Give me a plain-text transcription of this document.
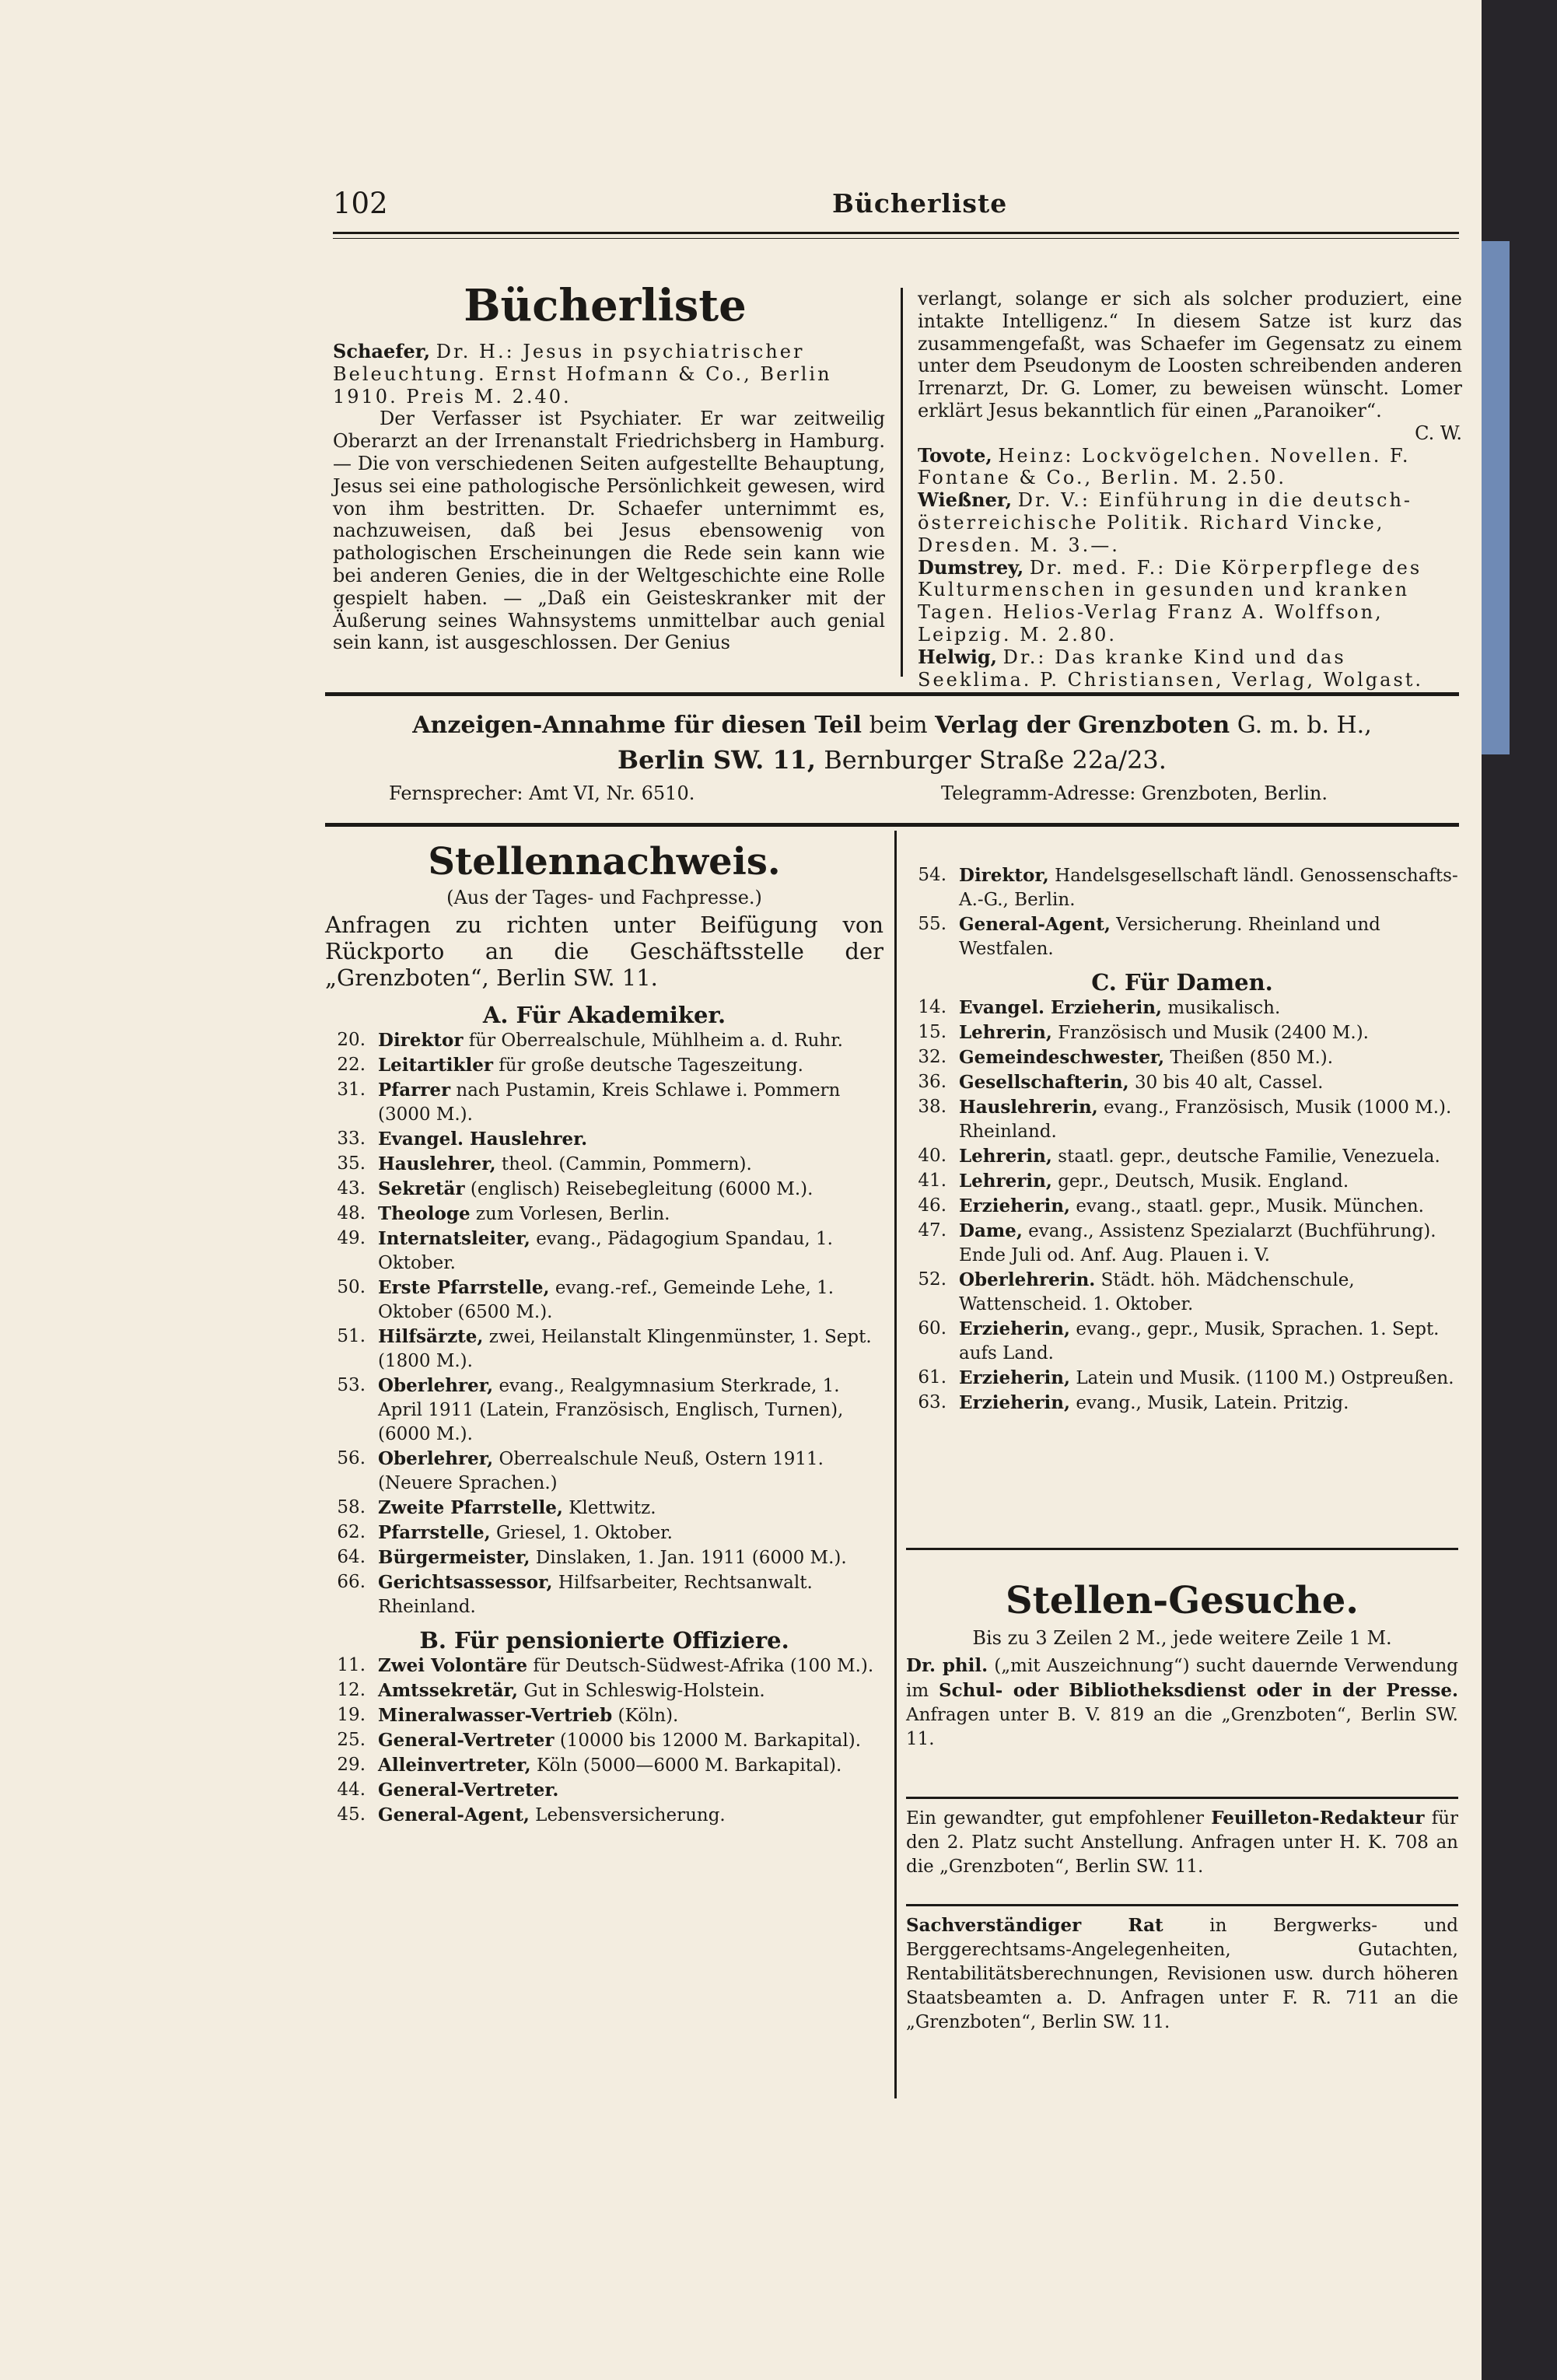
102	Bücherliste
Bücherliste

Schaefer, Dr. H.: Jesus in psychiatrischer Beleuchtung. Ernst Hofmann & Co., Berlin 1910. Preis M. 2.40.

Der Verfasser ist Psychiater. Er war zeitweilig Oberarzt an der Irrenanstalt Friedrichsberg in Hamburg. — Die von verschiedenen Seiten aufgestellte Behauptung, Jesus sei eine pathologische Persönlichkeit gewesen, wird von ihm bestritten. Dr. Schaefer unternimmt es, nachzuweisen, daß bei Jesus ebensowenig von pathologischen Erscheinungen die Rede sein kann wie bei anderen Genies, die in der Weltgeschichte eine Rolle gespielt haben. — „Daß ein Geisteskranker mit der Äußerung seines Wahnsystems unmittelbar auch genial sein kann, ist ausgeschlossen. Der Genius

verlangt, solange er sich als solcher produziert, eine intakte Intelligenz.“ In diesem Satze ist kurz das zusammengefaßt, was Schaefer im Gegensatz zu einem unter dem Pseudonym de Loosten schreibenden anderen Irrenarzt, Dr. G. Lomer, zu beweisen wünscht. Lomer erklärt Jesus bekanntlich für einen „Paranoiker“.

C. W.

Tovote, Heinz: Lockvögelchen. Novellen. F. Fontane & Co., Berlin. M. 2.50.

Wießner, Dr. V.: Einführung in die deutsch-österreichische Politik. Richard Vincke, Dresden. M. 3.—.

Dumstrey, Dr. med. F.: Die Körperpflege des Kulturmenschen in gesunden und kranken Tagen. Helios-Verlag Franz A. Wolffson, Leipzig. M. 2.80.

Helwig, Dr.: Das kranke Kind und das Seeklima. P. Christiansen, Verlag, Wolgast.

Anzeigen-Annahme für diesen Teil beim Verlag der Grenzboten G. m. b. H.,
Berlin SW. 11, Bernburger Straße 22a/23.
Fernsprecher: Amt VI, Nr. 6510.	Telegramm-Adresse: Grenzboten, Berlin.
Stellennachweis.
(Aus der Tages- und Fachpresse.)
Anfragen zu richten unter Beifügung von Rückporto an die Geschäftsstelle der „Grenzboten“, Berlin SW. 11.
A. Für Akademiker.
20. Direktor für Oberrealschule, Mühlheim a. d. Ruhr.
22. Leitartikler für große deutsche Tageszeitung.
31. Pfarrer nach Pustamin, Kreis Schlawe i. Pommern (3000 M.).
33. Evangel. Hauslehrer.
35. Hauslehrer, theol. (Cammin, Pommern).
43. Sekretär (englisch) Reisebegleitung (6000 M.).
48. Theologe zum Vorlesen, Berlin.
49. Internatsleiter, evang., Pädagogium Spandau, 1. Oktober.
50. Erste Pfarrstelle, evang.-ref., Gemeinde Lehe, 1. Oktober (6500 M.).
51. Hilfsärzte, zwei, Heilanstalt Klingenmünster, 1. Sept. (1800 M.).
53. Oberlehrer, evang., Realgymnasium Sterkrade, 1. April 1911 (Latein, Französisch, Englisch, Turnen), (6000 M.).
56. Oberlehrer, Oberrealschule Neuß, Ostern 1911. (Neuere Sprachen.)
58. Zweite Pfarrstelle, Klettwitz.
62. Pfarrstelle, Griesel, 1. Oktober.
64. Bürgermeister, Dinslaken, 1. Jan. 1911 (6000 M.).
66. Gerichtsassessor, Hilfsarbeiter, Rechtsanwalt. Rheinland.
B. Für pensionierte Offiziere.
11. Zwei Volontäre für Deutsch-Südwest-Afrika (100 M.).
12. Amtssekretär, Gut in Schleswig-Holstein.
19. Mineralwasser-Vertrieb (Köln).
25. General-Vertreter (10000 bis 12000 M. Barkapital).
29. Alleinvertreter, Köln (5000—6000 M. Barkapital).
44. General-Vertreter.
45. General-Agent, Lebensversicherung.
54. Direktor, Handelsgesellschaft ländl. Genossenschafts-A.-G., Berlin.
55. General-Agent, Versicherung. Rheinland und Westfalen.
C. Für Damen.
14. Evangel. Erzieherin, musikalisch.
15. Lehrerin, Französisch und Musik (2400 M.).
32. Gemeindeschwester, Theißen (850 M.).
36. Gesellschafterin, 30 bis 40 alt, Cassel.
38. Hauslehrerin, evang., Französisch, Musik (1000 M.). Rheinland.
40. Lehrerin, staatl. gepr., deutsche Familie, Venezuela.
41. Lehrerin, gepr., Deutsch, Musik. England.
46. Erzieherin, evang., staatl. gepr., Musik. München.
47. Dame, evang., Assistenz Spezialarzt (Buchführung). Ende Juli od. Anf. Aug. Plauen i. V.
52. Oberlehrerin. Städt. höh. Mädchenschule, Wattenscheid. 1. Oktober.
60. Erzieherin, evang., gepr., Musik, Sprachen. 1. Sept. aufs Land.
61. Erzieherin, Latein und Musik. (1100 M.) Ostpreußen.
63. Erzieherin, evang., Musik, Latein. Pritzig.
Stellen-Gesuche.
Bis zu 3 Zeilen 2 M., jede weitere Zeile 1 M.
Dr. phil. („mit Auszeichnung“) sucht dauernde Verwendung im Schul- oder Bibliotheksdienst oder in der Presse. Anfragen unter B. V. 819 an die „Grenzboten“, Berlin SW. 11.
Ein gewandter, gut empfohlener Feuilleton-Redakteur für den 2. Platz sucht Anstellung. Anfragen unter H. K. 708 an die „Grenzboten“, Berlin SW. 11.
Sachverständiger Rat	in Bergwerks- und Berggerechtsams-Angelegenheiten, Gutachten, Rentabilitätsberechnungen, Revisionen usw. durch höheren Staatsbeamten a. D. Anfragen unter F. R. 711 an die „Grenzboten“, Berlin SW. 11.
